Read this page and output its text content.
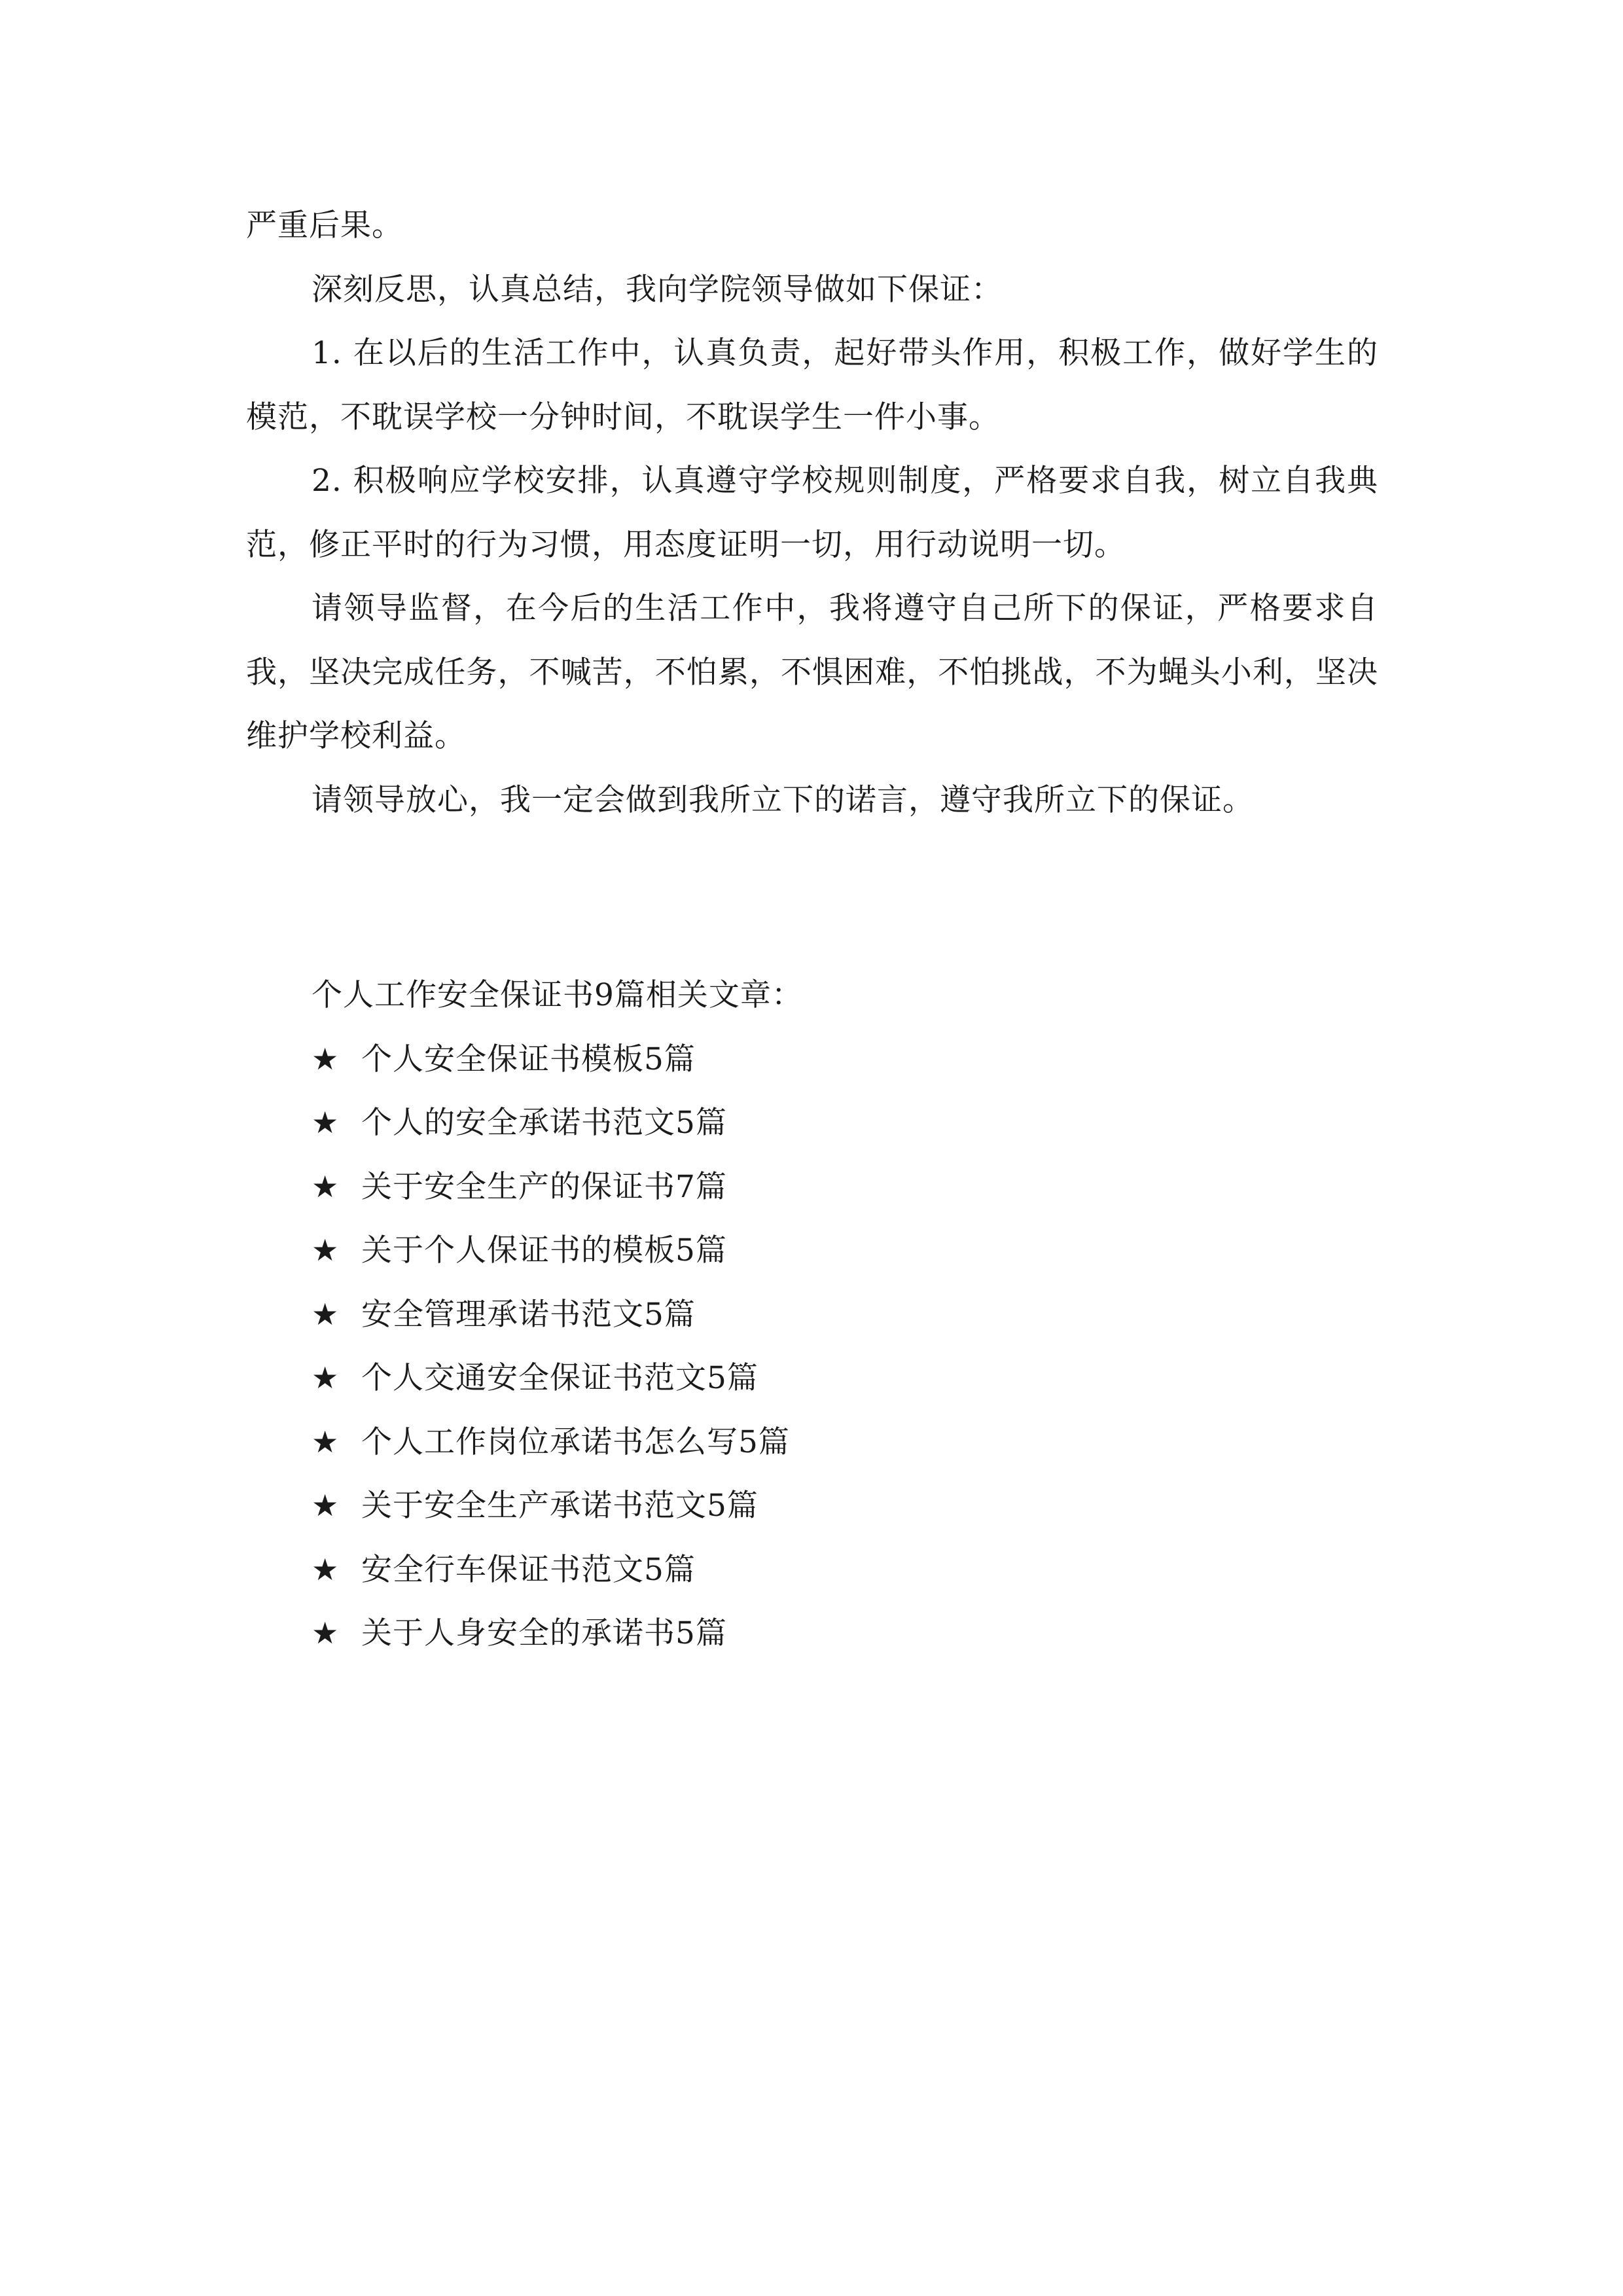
严重后果。

深刻反思，认真总结，我向学院领导做如下保证：

1. 在以后的生活工作中，认真负责，起好带头作用，积极工作，做好学生的模范，不耽误学校一分钟时间，不耽误学生一件小事。

2. 积极响应学校安排，认真遵守学校规则制度，严格要求自我，树立自我典范，修正平时的行为习惯，用态度证明一切，用行动说明一切。

请领导监督，在今后的生活工作中，我将遵守自己所下的保证，严格要求自我，坚决完成任务，不喊苦，不怕累，不惧困难，不怕挑战，不为蝇头小利，坚决维护学校利益。

请领导放心，我一定会做到我所立下的诺言，遵守我所立下的保证。

个人工作安全保证书9篇相关文章：

★ 个人安全保证书模板5篇
★ 个人的安全承诺书范文5篇
★ 关于安全生产的保证书7篇
★ 关于个人保证书的模板5篇
★ 安全管理承诺书范文5篇
★ 个人交通安全保证书范文5篇
★ 个人工作岗位承诺书怎么写5篇
★ 关于安全生产承诺书范文5篇
★ 安全行车保证书范文5篇
★ 关于人身安全的承诺书5篇
